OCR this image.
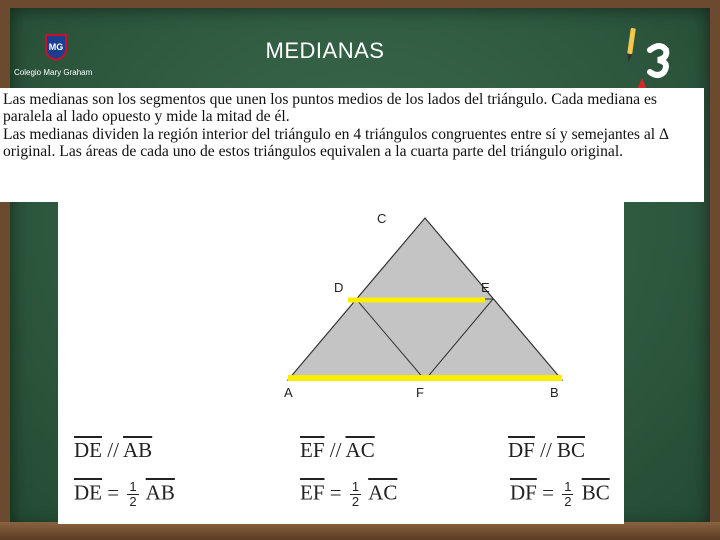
MG
Colegio Mary Graham
MEDIANAS

Las medianas son los segmentos que unen los puntos medios de los lados del triángulo. Cada mediana es paralela al lado opuesto y mide la mitad de él.

Las medianas dividen la región interior del triángulo en 4 triángulos congruentes entre sí y semejantes al Δ original. Las áreas de cada uno de estos triángulos equivalen a la cuarta parte del triángulo original.

A	B
C
D	E
F
$\overline{DE} // \overline{AB}$	$\overline{EF} // \overline{AC}$	$\overline{DF} // \overline{BC}$
$\overline{DE} = \frac{1}{2} \overline{AB}$	$\overline{EF} = \frac{1}{2} \overline{AC}$	$\overline{DF} = \frac{1}{2} \overline{BC}$
